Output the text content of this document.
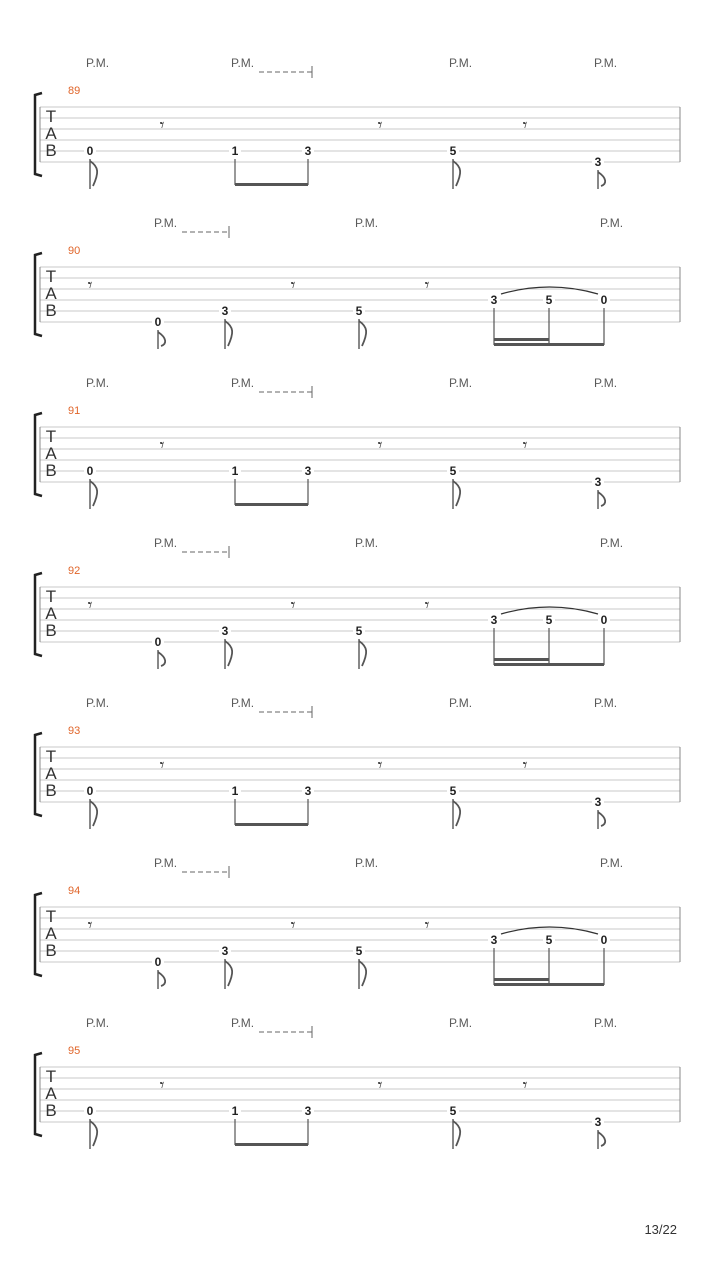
P.M.	P.M.	P.M.	P.M.
89
T
A
B
𝄾	𝄾	𝄾
0	1	3	5
3
P.M.	P.M.	P.M.
90
T
A
B
𝄾	𝄾	𝄾
0
3	5
3	5	0
P.M.	P.M.	P.M.	P.M.
91
T
A
B
𝄾	𝄾	𝄾
0	1	3	5
3
P.M.	P.M.	P.M.
92
T
A
B
𝄾	𝄾	𝄾
0
3	5
3	5	0
P.M.	P.M.	P.M.	P.M.
93
T
A
B
𝄾	𝄾	𝄾
0	1	3	5
3
P.M.	P.M.	P.M.
94
T
A
B
𝄾	𝄾	𝄾
0
3	5
3	5	0
P.M.	P.M.	P.M.	P.M.
95
T
A
B
𝄾	𝄾	𝄾
0	1	3	5
3
13/22
